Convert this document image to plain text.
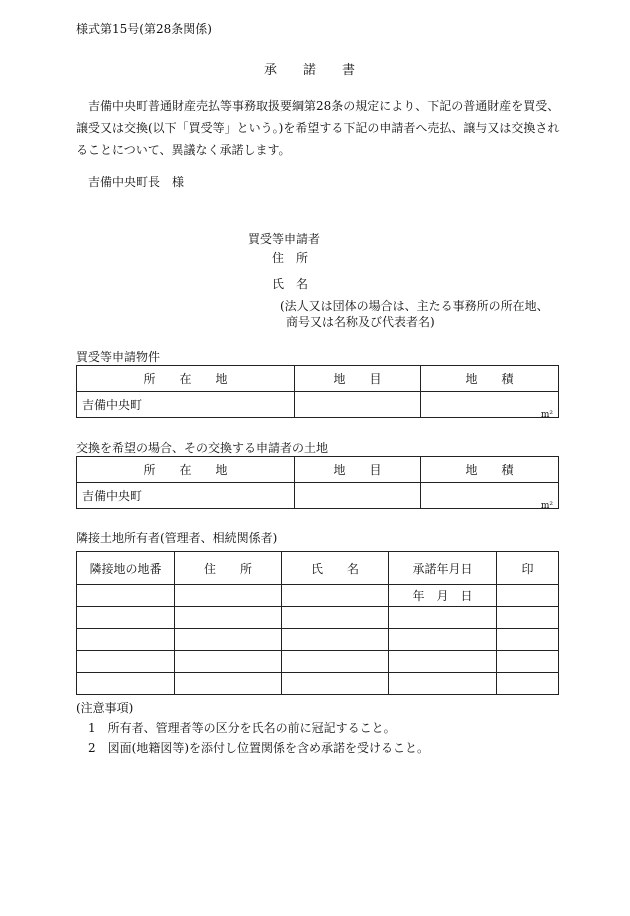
様式第15号(第28条関係)
承　　諾　　書
吉備中央町普通財産売払等事務取扱要綱第28条の規定により、下記の普通財産を買受、譲受又は交換(以下「買受等」という。)を希望する下記の申請者へ売払、譲与又は交換されることについて、異議なく承諾します。
吉備中央町長　様
買受等申請者
住　所
氏　名
(法人又は団体の場合は、主たる事務所の所在地、
商号又は名称及び代表者名)
買受等申請物件
所　　在　　地	地　　目	地　　積
吉備中央町		m²
交換を希望の場合、その交換する申請者の土地
所　　在　　地	地　　目	地　　積
吉備中央町		m²
隣接土地所有者(管理者、相続関係者)
隣接地の地番	住　　所	氏　　名	承諾年月日	印
			年　月　日	

(注意事項)
1　所有者、管理者等の区分を氏名の前に冠記すること。
2　図面(地籍図等)を添付し位置関係を含め承諾を受けること。
